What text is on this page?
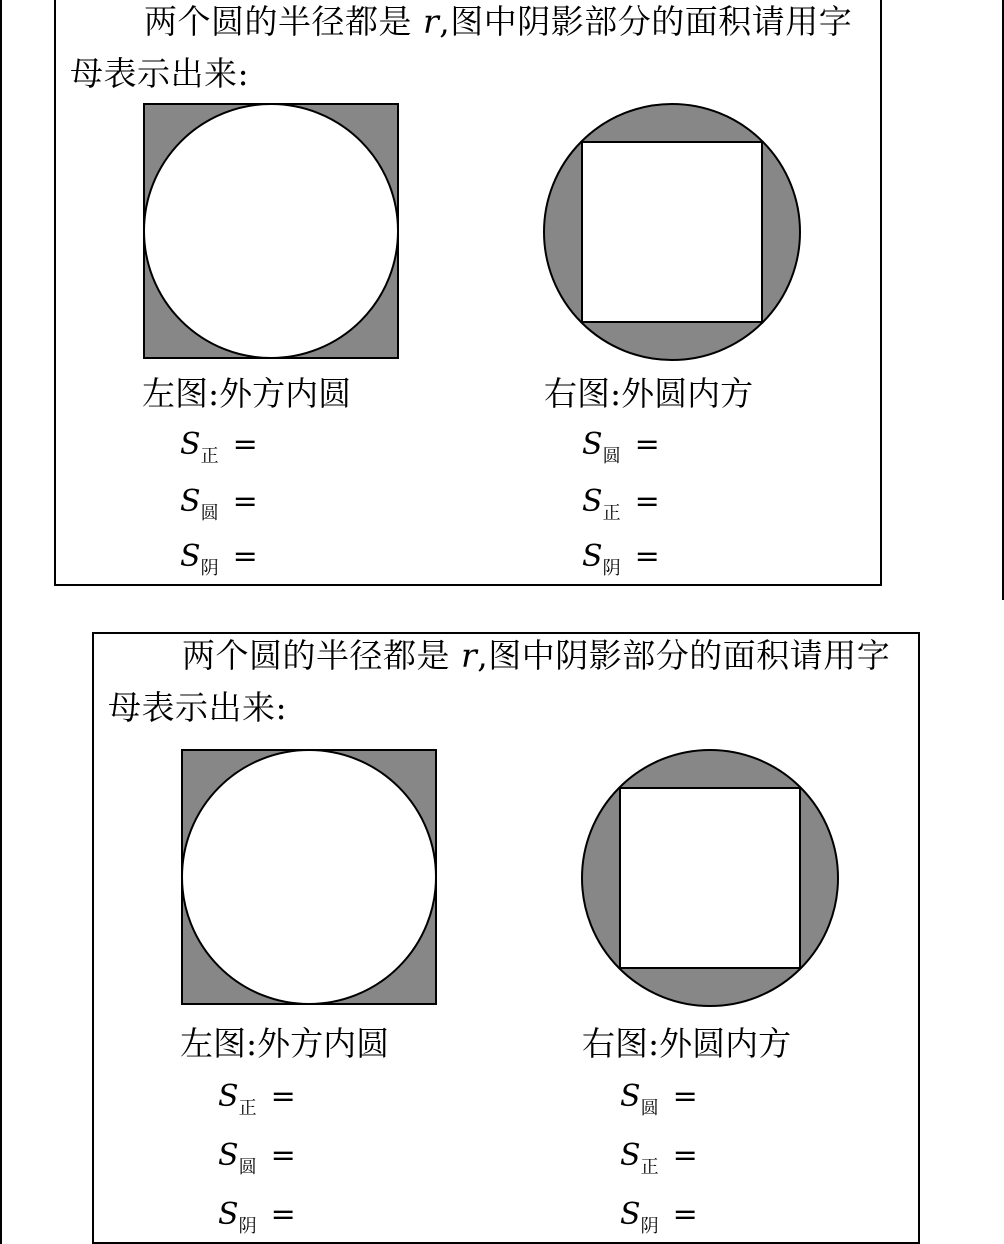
两个圆的半径都是 r,图中阴影部分的面积请用字母表示出来:

左图:外方内圆	右图:外圆内方

$S_正$ =
$S_圆$ =
$S_阴$ =
$S_圆$ =
$S_正$ =
$S_阴$ =

两个圆的半径都是 r,图中阴影部分的面积请用字母表示出来:

左图:外方内圆	右图:外圆内方

$S_正$ =
$S_圆$ =
$S_阴$ =
$S_圆$ =
$S_正$ =
$S_阴$ =
